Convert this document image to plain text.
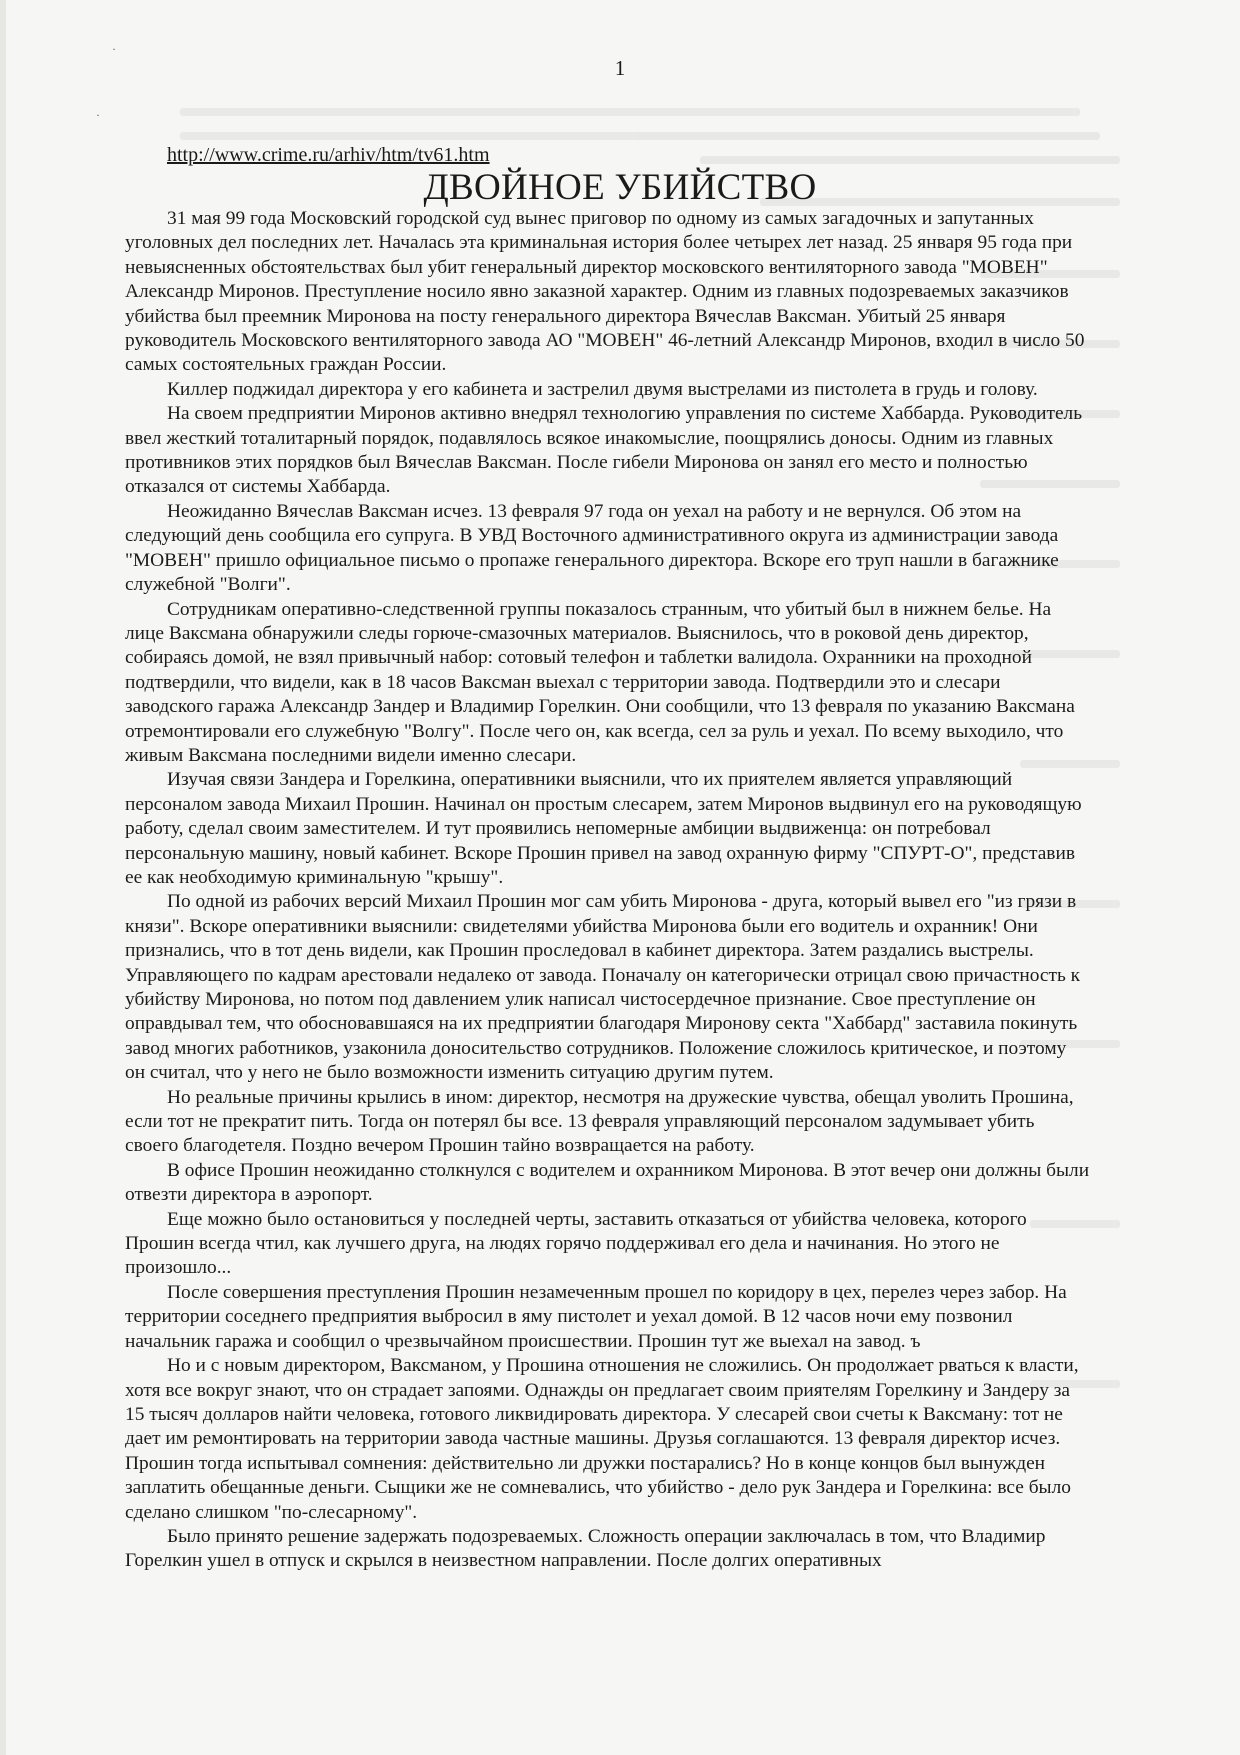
·
·
1
http://www.crime.ru/arhiv/htm/tv61.htm
ДВОЙНОЕ УБИЙСТВО

31 мая 99 года Московский городской суд вынес приговор по одному из самых загадочных и запутанных уголовных дел последних лет. Началась эта криминальная история более четырех лет назад. 25 января 95 года при невыясненных обстоятельствах был убит генеральный директор московского вентиляторного завода "МОВЕН" Александр Миронов. Преступление носило явно заказной характер. Одним из главных подозреваемых заказчиков убийства был преемник Миронова на посту генерального директора Вячеслав Ваксман. Убитый 25 января руководитель Московского вентиляторного завода АО "МОВЕН" 46-летний Александр Миронов, входил в число 50 самых состоятельных граждан России.

Киллер поджидал директора у его кабинета и застрелил двумя выстрелами из пистолета в грудь и голову.

На своем предприятии Миронов активно внедрял технологию управления по системе Хаббарда. Руководитель ввел жесткий тоталитарный порядок, подавлялось всякое инакомыслие, поощрялись доносы. Одним из главных противников этих порядков был Вячеслав Ваксман. После гибели Миронова он занял его место и полностью отказался от системы Хаббарда.

Неожиданно Вячеслав Ваксман исчез. 13 февраля 97 года он уехал на работу и не вернулся. Об этом на следующий день сообщила его супруга. В УВД Восточного административного округа из администрации завода "МОВЕН" пришло официальное письмо о пропаже генерального директора. Вскоре его труп нашли в багажнике служебной "Волги".

Сотрудникам оперативно-следственной группы показалось странным, что убитый был в нижнем белье. На лице Ваксмана обнаружили следы горюче-смазочных материалов. Выяснилось, что в роковой день директор, собираясь домой, не взял привычный набор: сотовый телефон и таблетки валидола. Охранники на проходной подтвердили, что видели, как в 18 часов Ваксман выехал с территории завода. Подтвердили это и слесари заводского гаража Александр Зандер и Владимир Горелкин. Они сообщили, что 13 февраля по указанию Ваксмана отремонтировали его служебную "Волгу". После чего он, как всегда, сел за руль и уехал. По всему выходило, что живым Ваксмана последними видели именно слесари.

Изучая связи Зандера и Горелкина, оперативники выяснили, что их приятелем является управляющий персоналом завода Михаил Прошин. Начинал он простым слесарем, затем Миронов выдвинул его на руководящую работу, сделал своим заместителем. И тут проявились непомерные амбиции выдвиженца: он потребовал персональную машину, новый кабинет. Вскоре Прошин привел на завод охранную фирму "СПУРТ-О", представив ее как необходимую криминальную "крышу".

По одной из рабочих версий Михаил Прошин мог сам убить Миронова - друга, который вывел его "из грязи в князи". Вскоре оперативники выяснили: свидетелями убийства Миронова были его водитель и охранник! Они признались, что в тот день видели, как Прошин проследовал в кабинет директора. Затем раздались выстрелы. Управляющего по кадрам арестовали недалеко от завода. Поначалу он категорически отрицал свою причастность к убийству Миронова, но потом под давлением улик написал чистосердечное признание. Свое преступление он оправдывал тем, что обосновавшаяся на их предприятии благодаря Миронову секта "Хаббард" заставила покинуть завод многих работников, узаконила доносительство сотрудников. Положение сложилось критическое, и поэтому он считал, что у него не было возможности изменить ситуацию другим путем.

Но реальные причины крылись в ином: директор, несмотря на дружеские чувства, обещал уволить Прошина, если тот не прекратит пить. Тогда он потерял бы все. 13 февраля управляющий персоналом задумывает убить своего благодетеля. Поздно вечером Прошин тайно возвращается на работу.

В офисе Прошин неожиданно столкнулся с водителем и охранником Миронова. В этот вечер они должны были отвезти директора в аэропорт.

Еще можно было остановиться у последней черты, заставить отказаться от убийства человека, которого Прошин всегда чтил, как лучшего друга, на людях горячо поддерживал его дела и начинания. Но этого не произошло...

После совершения преступления Прошин незамеченным прошел по коридору в цех, перелез через забор. На территории соседнего предприятия выбросил в яму пистолет и уехал домой. В 12 часов ночи ему позвонил начальник гаража и сообщил о чрезвычайном происшествии. Прошин тут же выехал на завод. ъ

Но и с новым директором, Ваксманом, у Прошина отношения не сложились. Он продолжает рваться к власти, хотя все вокруг знают, что он страдает запоями. Однажды он предлагает своим приятелям Горелкину и Зандеру за 15 тысяч долларов найти человека, готового ликвидировать директора. У слесарей свои счеты к Ваксману: тот не дает им ремонтировать на территории завода частные машины. Друзья соглашаются. 13 февраля директор исчез. Прошин тогда испытывал сомнения: действительно ли дружки постарались? Но в конце концов был вынужден заплатить обещанные деньги. Сыщики же не сомневались, что убийство - дело рук Зандера и Горелкина: все было сделано слишком "по-слесарному".

Было принято решение задержать подозреваемых. Сложность операции заключалась в том, что Владимир Горелкин ушел в отпуск и скрылся в неизвестном направлении. После долгих оперативных
